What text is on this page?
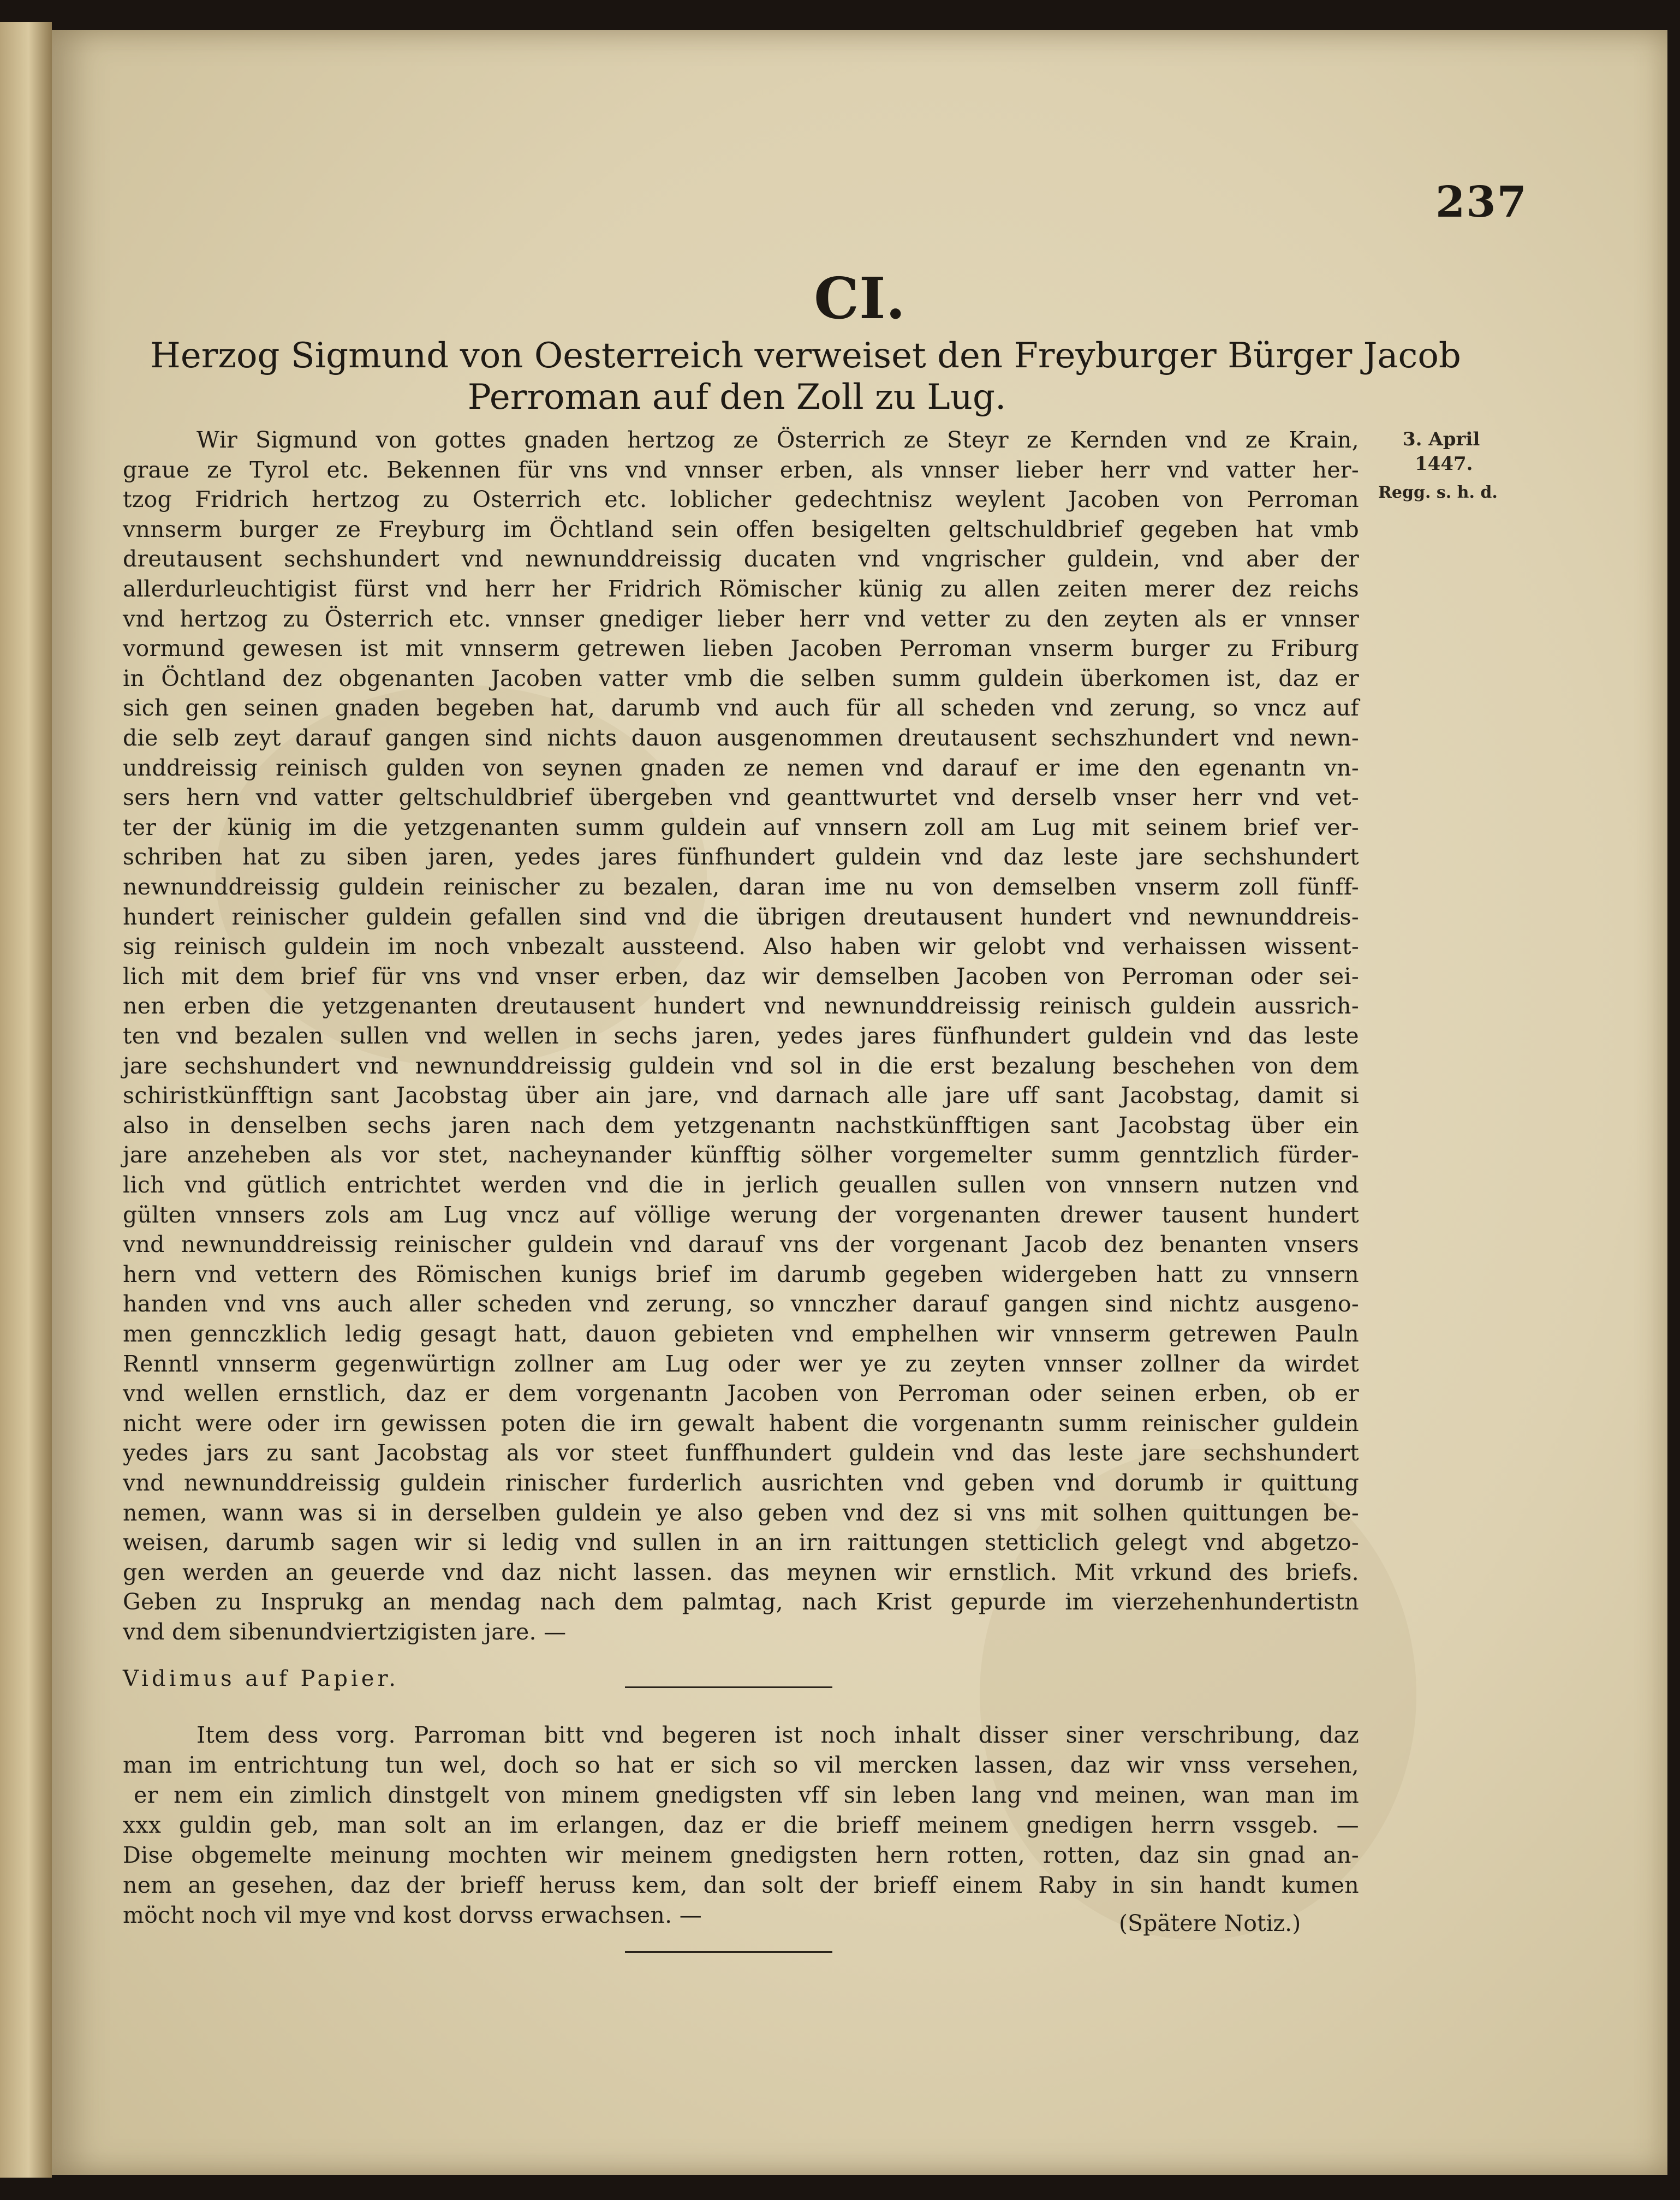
237
CI.
Herzog Sigmund von Oesterreich verweiset den Freyburger Bürger Jacob
Perroman auf den Zoll zu Lug.
3. April
1447.
Regg. s. h. d.
Wir Sigmund von gottes gnaden hertzog ze Österrich ze Steyr ze Kernden vnd ze Krain,
graue ze Tyrol etc. Bekennen für vns vnd vnnser erben, als vnnser lieber herr vnd vatter her-
tzog Fridrich hertzog zu Osterrich etc. loblicher gedechtnisz weylent Jacoben von Perroman
vnnserm burger ze Freyburg im Öchtland sein offen besigelten geltschuldbrief gegeben hat vmb
dreutausent sechshundert vnd newnunddreissig ducaten vnd vngrischer guldein, vnd aber der
allerdurleuchtigist fürst vnd herr her Fridrich Römischer künig zu allen zeiten merer dez reichs
vnd hertzog zu Österrich etc. vnnser gnediger lieber herr vnd vetter zu den zeyten als er vnnser
vormund gewesen ist mit vnnserm getrewen lieben Jacoben Perroman vnserm burger zu Friburg
in Öchtland dez obgenanten Jacoben vatter vmb die selben summ guldein überkomen ist, daz er
sich gen seinen gnaden begeben hat, darumb vnd auch für all scheden vnd zerung, so vncz auf
die selb zeyt darauf gangen sind nichts dauon ausgenommen dreutausent sechszhundert vnd newn-
unddreissig reinisch gulden von seynen gnaden ze nemen vnd darauf er ime den egenantn vn-
sers hern vnd vatter geltschuldbrief übergeben vnd geanttwurtet vnd derselb vnser herr vnd vet-
ter der künig im die yetzgenanten summ guldein auf vnnsern zoll am Lug mit seinem brief ver-
schriben hat zu siben jaren, yedes jares fünfhundert guldein vnd daz leste jare sechshundert
newnunddreissig guldein reinischer zu bezalen, daran ime nu von demselben vnserm zoll fünff-
hundert reinischer guldein gefallen sind vnd die übrigen dreutausent hundert vnd newnunddreis-
sig reinisch guldein im noch vnbezalt aussteend. Also haben wir gelobt vnd verhaissen wissent-
lich mit dem brief für vns vnd vnser erben, daz wir demselben Jacoben von Perroman oder sei-
nen erben die yetzgenanten dreutausent hundert vnd newnunddreissig reinisch guldein aussrich-
ten vnd bezalen sullen vnd wellen in sechs jaren, yedes jares fünfhundert guldein vnd das leste
jare sechshundert vnd newnunddreissig guldein vnd sol in die erst bezalung beschehen von dem
schiristkünfftign sant Jacobstag über ain jare, vnd darnach alle jare uff sant Jacobstag, damit si
also in denselben sechs jaren nach dem yetzgenantn nachstkünfftigen sant Jacobstag über ein
jare anzeheben als vor stet, nacheynander künfftig sölher vorgemelter summ genntzlich fürder-
lich vnd gütlich entrichtet werden vnd die in jerlich geuallen sullen von vnnsern nutzen vnd
gülten vnnsers zols am Lug vncz auf völlige werung der vorgenanten drewer tausent hundert
vnd newnunddreissig reinischer guldein vnd darauf vns der vorgenant Jacob dez benanten vnsers
hern vnd vettern des Römischen kunigs brief im darumb gegeben widergeben hatt zu vnnsern
handen vnd vns auch aller scheden vnd zerung, so vnnczher darauf gangen sind nichtz ausgeno-
men gennczklich ledig gesagt hatt, dauon gebieten vnd emphelhen wir vnnserm getrewen Pauln
Renntl vnnserm gegenwürtign zollner am Lug oder wer ye zu zeyten vnnser zollner da wirdet
vnd wellen ernstlich, daz er dem vorgenantn Jacoben von Perroman oder seinen erben, ob er
nicht were oder irn gewissen poten die irn gewalt habent die vorgenantn summ reinischer guldein
yedes jars zu sant Jacobstag als vor steet funffhundert guldein vnd das leste jare sechshundert
vnd newnunddreissig guldein rinischer furderlich ausrichten vnd geben vnd dorumb ir quittung
nemen, wann was si in derselben guldein ye also geben vnd dez si vns mit solhen quittungen be-
weisen, darumb sagen wir si ledig vnd sullen in an irn raittungen stetticlich gelegt vnd abgetzo-
gen werden an geuerde vnd daz nicht lassen. das meynen wir ernstlich. Mit vrkund des briefs.
Geben zu Insprukg an mendag nach dem palmtag, nach Krist gepurde im vierzehenhundertistn
vnd dem sibenundviertzigisten jare. —
Vidimus auf Papier.
Item dess vorg. Parroman bitt vnd begeren ist noch inhalt disser siner verschribung, daz
man im entrichtung tun wel, doch so hat er sich so vil mercken lassen, daz wir vnss versehen,
er nem ein zimlich dinstgelt von minem gnedigsten vff sin leben lang vnd meinen, wan man im
xxx guldin geb, man solt an im erlangen, daz er die brieff meinem gnedigen herrn vssgeb. —
Dise obgemelte meinung mochten wir meinem gnedigsten hern rotten, rotten, daz sin gnad an-
nem an gesehen, daz der brieff heruss kem, dan solt der brieff einem Raby in sin handt kumen
möcht noch vil mye vnd kost dorvss erwachsen. —	(Spätere Notiz.)
